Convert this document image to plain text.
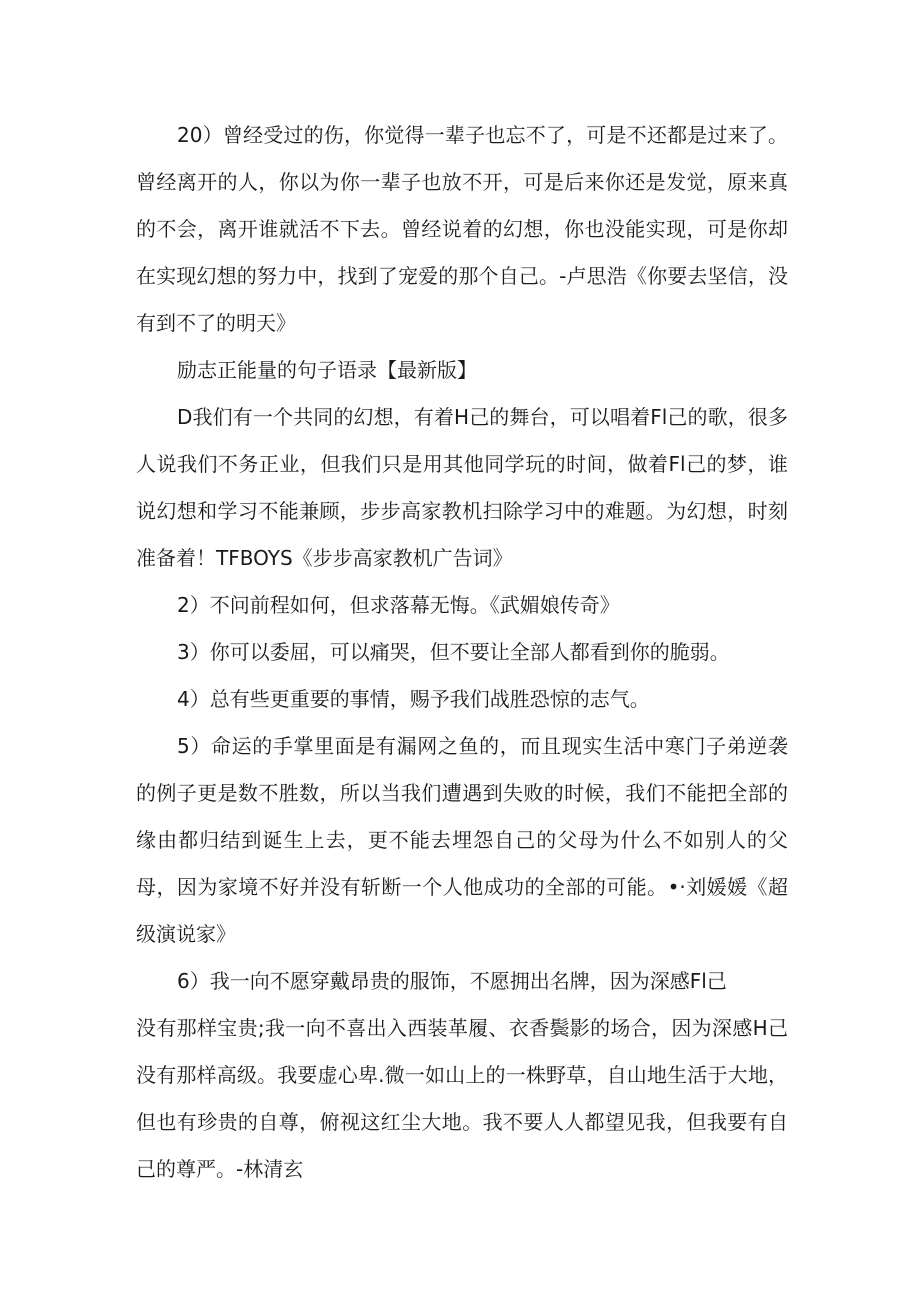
20）曾经受过的伤，你觉得一辈子也忘不了，可是不还都是过来了。曾经离开的人，你以为你一辈子也放不开，可是后来你还是发觉，原来真的不会，离开谁就活不下去。曾经说着的幻想，你也没能实现，可是你却在实现幻想的努力中，找到了宠爱的那个自己。-卢思浩《你要去坚信，没有到不了的明天》

励志正能量的句子语录【最新版】

D我们有一个共同的幻想，有着H己的舞台，可以唱着Fl己的歌，很多人说我们不务正业，但我们只是用其他同学玩的时间，做着Fl己的梦，谁说幻想和学习不能兼顾，步步高家教机扫除学习中的难题。为幻想，时刻准备着！TFBOYS《步步高家教机广告词》

2）不问前程如何，但求落幕无悔。《武媚娘传奇》

3）你可以委屈，可以痛哭，但不要让全部人都看到你的脆弱。

4）总有些更重要的事情，赐予我们战胜恐惊的志气。

5）命运的手掌里面是有漏网之鱼的，而且现实生活中寒门子弟逆袭的例子更是数不胜数，所以当我们遭遇到失败的时候，我们不能把全部的缘由都归结到诞生上去，更不能去埋怨自己的父母为什么不如别人的父母，因为家境不好并没有斩断一个人他成功的全部的可能。•·刘媛媛《超级演说家》

6）我一向不愿穿戴昂贵的服饰，不愿拥出名牌，因为深感Fl己
没有那样宝贵;我一向不喜出入西装革履、衣香鬓影的场合，因为深感H己没有那样高级。我要虚心卑.微一如山上的一株野草，自山地生活于大地，但也有珍贵的自尊，俯视这红尘大地。我不要人人都望见我，但我要有自己的尊严。-林清玄
